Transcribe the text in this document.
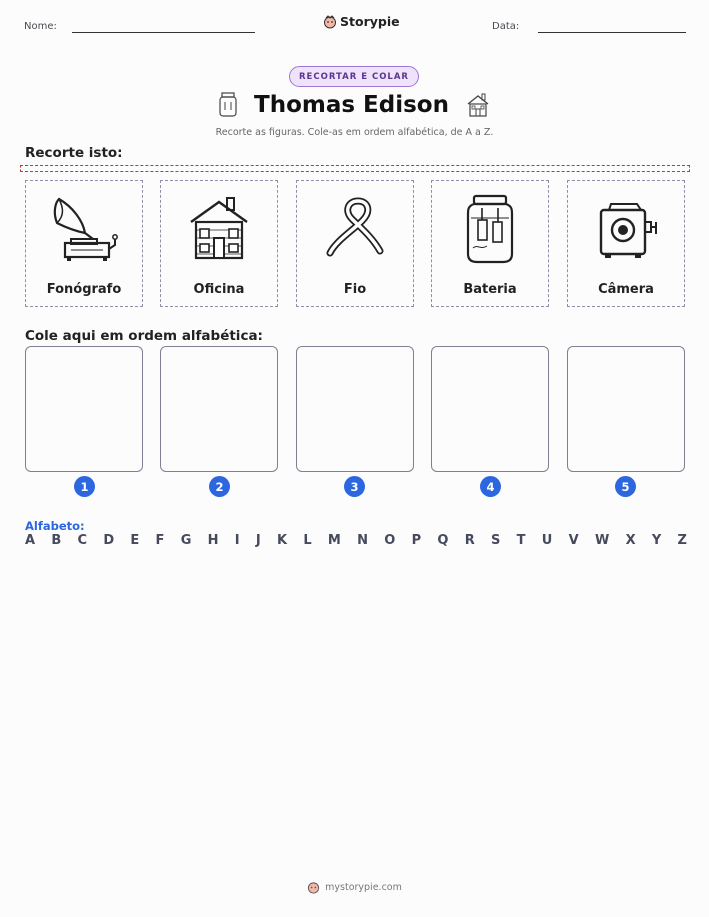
Nome:	Storypie	Data:
RECORTAR E COLAR
Thomas Edison
Recorte as figuras. Cole-as em ordem alfabética, de A a Z.
Recorte isto:
Fonógrafo	Oficina	Fio	Bateria	Câmera
Cole aqui em ordem alfabética:
1	2	3	4	5
Alfabeto:
A B C D E F G H I J K L M N O P Q R S T U V W X Y Z
mystorypie.com
